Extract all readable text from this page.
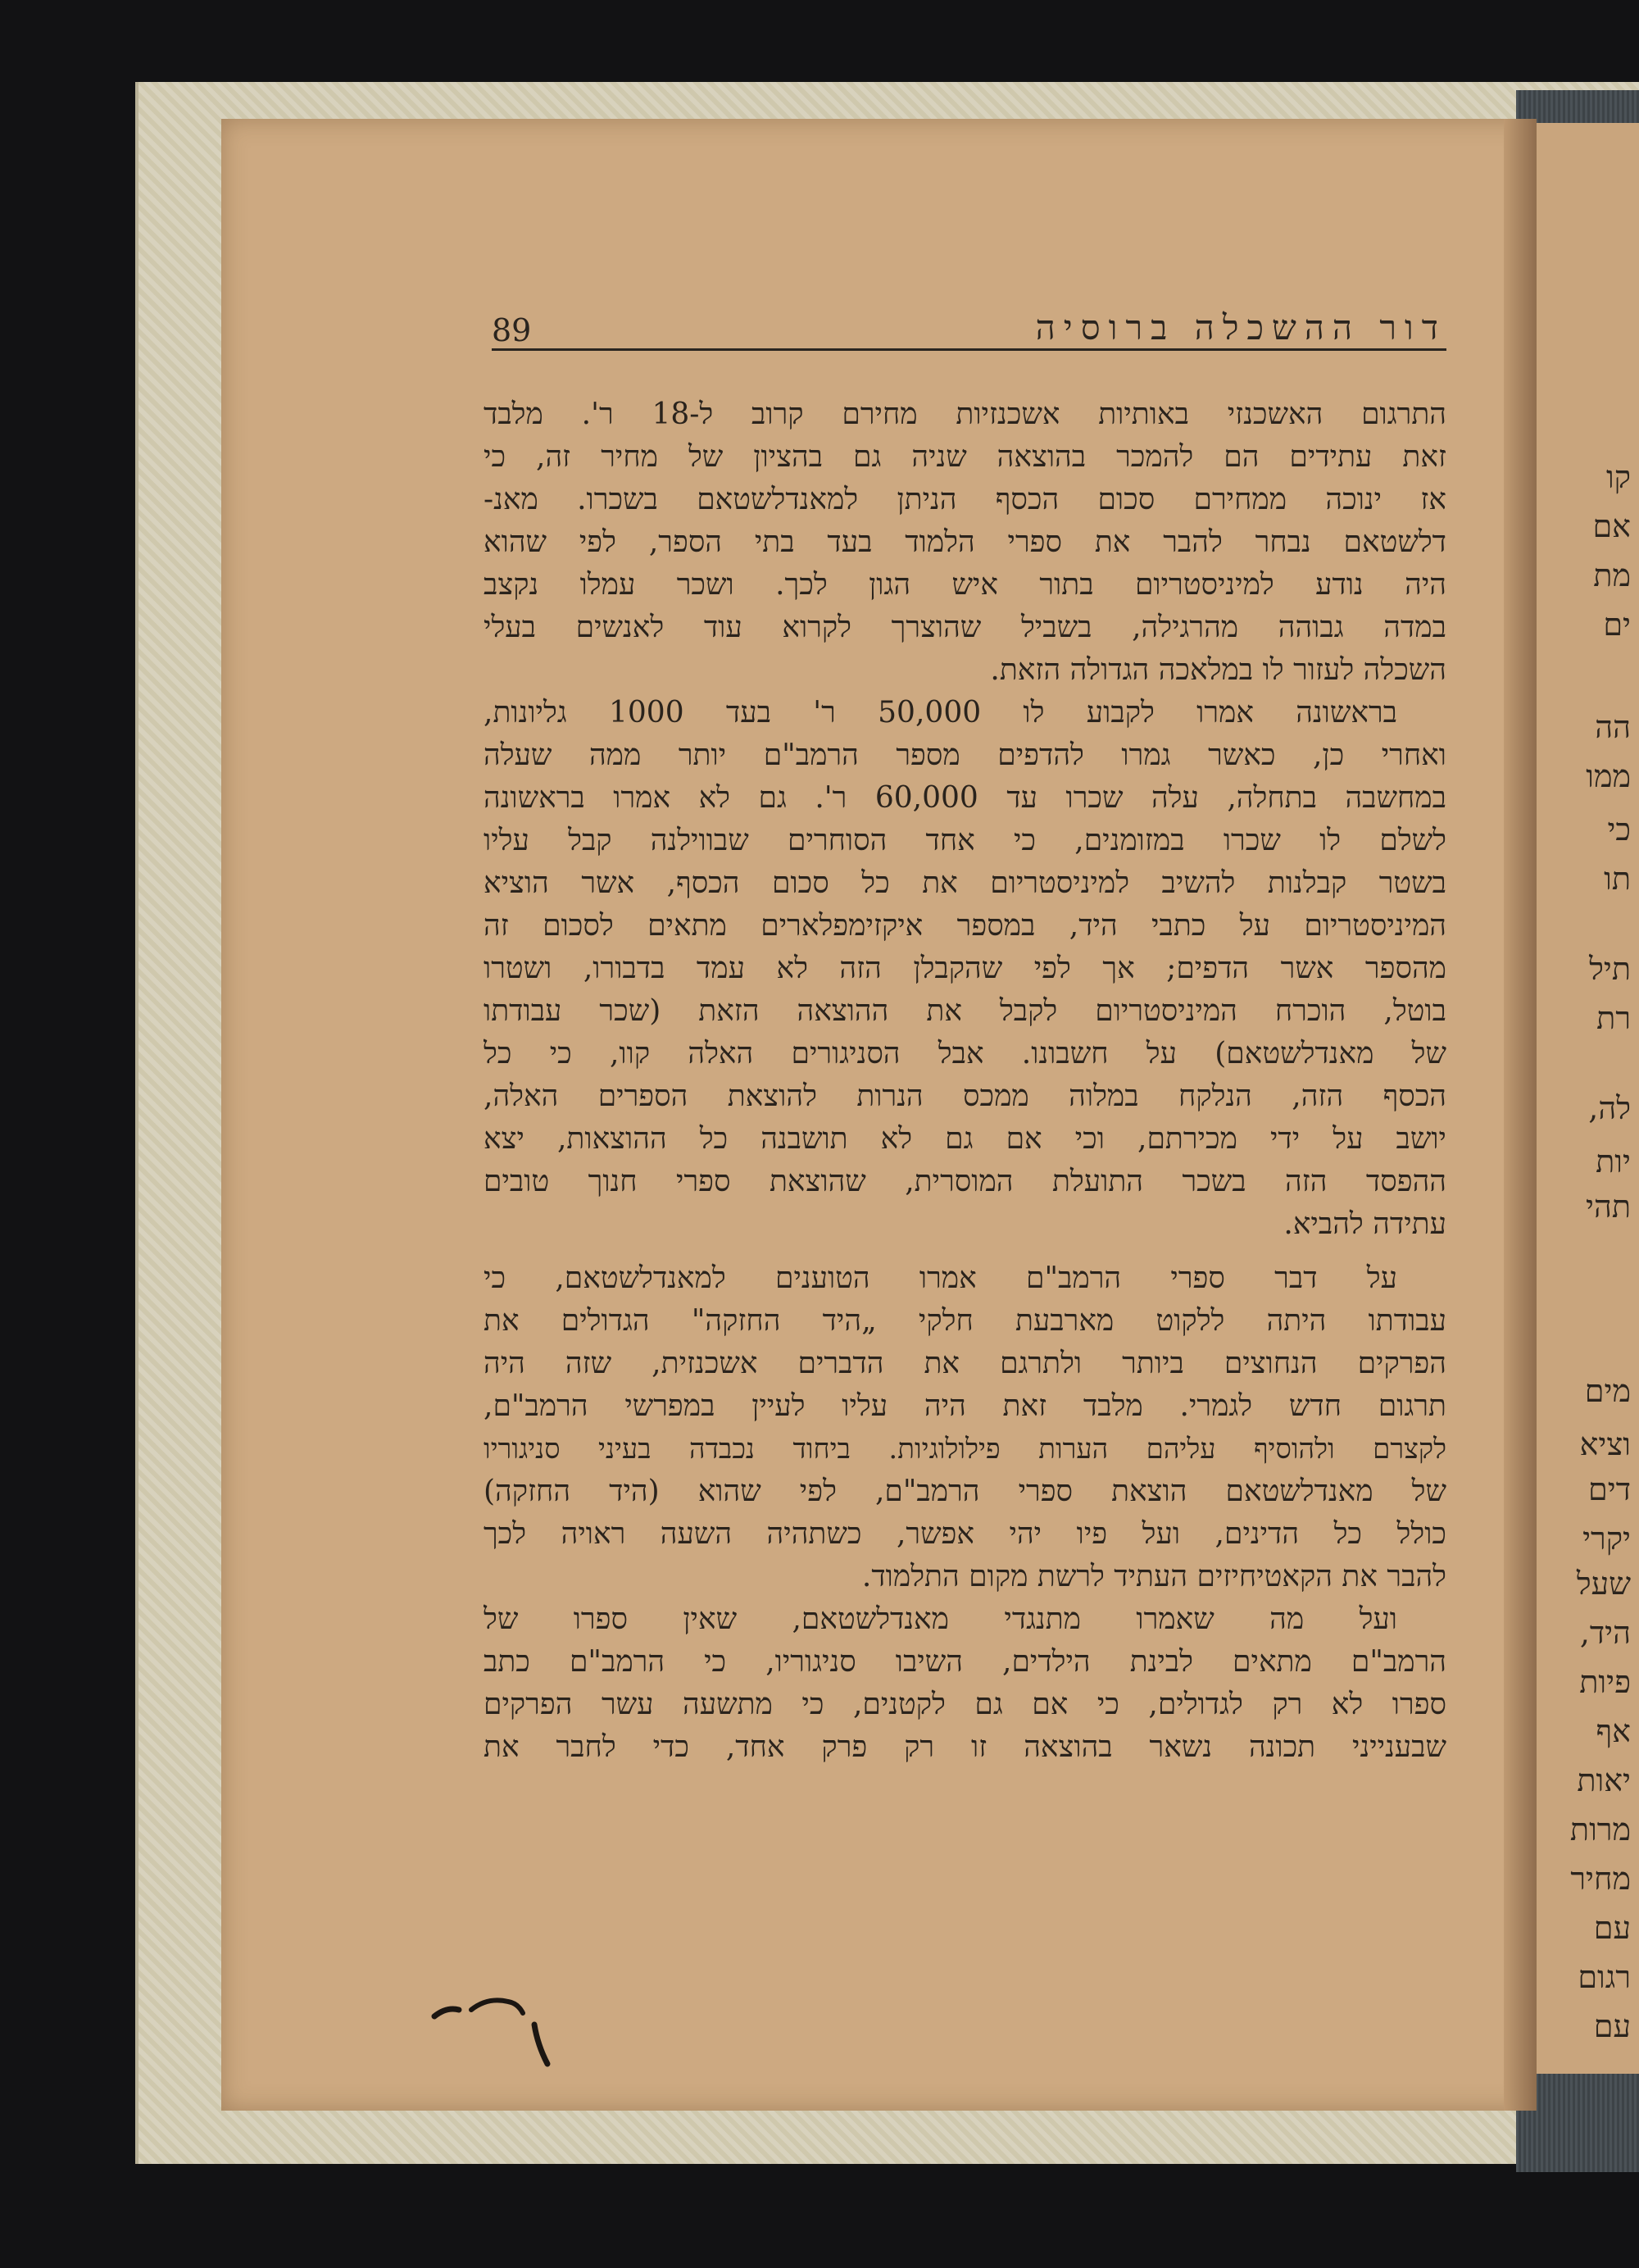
קו
אם
מת
ים
הה
ממו
כי
תו
תיל
רת
לה,
יות
תהי
מים
וציא
דים
יקרי
שעל
היד,
פיות
אף
יאות
מרות
מחיר
עם
רגום
עם
89	דור ההשכלה ברוסיה
התרגום האשכנזי באותיות אשכנזיות מחירם קרוב ל-18 ר'. מלבד
זאת עתידים הם להמכר בהוצאה שניה גם בהציון של מחיר זה, כי
אז ינוכה ממחירם סכום הכסף הניתן למאנדלשטאם בשכרו. מאנ-
דלשטאם נבחר להבר את ספרי הלמוד בעד בתי הספר, לפי שהוא
היה נודע למיניסטריום בתור איש הגון לכך. ושכר עמלו נקצב
במדה גבוהה מהרגילה, בשביל שהוצרך לקרוא עוד לאנשים בעלי
השכלה לעזור לו במלאכה הגדולה הזאת.
בראשונה אמרו לקבוע לו 50,000 ר' בעד 1000 גליונות,
ואחרי כן, כאשר גמרו להדפים מספר הרמב"ם יותר ממה שעלה
במחשבה בתחלה, עלה שכרו עד 60,000 ר'. גם לא אמרו בראשונה
לשלם לו שכרו במזומנים, כי אחד הסוחרים שבווילנה קבל עליו
בשטר קבלנות להשיב למיניסטריום את כל סכום הכסף, אשר הוציא
המיניסטריום על כתבי היד, במספר איקזימפלארים מתאים לסכום זה
מהספר אשר הדפים; אך לפי שהקבלן הזה לא עמד בדבורו, ושטרו
בוטל, הוכרח המיניסטריום לקבל את ההוצאה הזאת (שכר עבודתו
של מאנדלשטאם) על חשבונו. אבל הסניגורים האלה קוו, כי כל
הכסף הזה, הנלקח במלוה ממכס הנרות להוצאת הספרים האלה,
יושב על ידי מכירתם, וכי אם גם לא תושבנה כל ההוצאות, יצא
ההפסד הזה בשכר התועלת המוסרית, שהוצאת ספרי חנוך טובים
עתידה להביא.
על דבר ספרי הרמב"ם אמרו הטוענים למאנדלשטאם, כי
עבודתו היתה ללקוט מארבעת חלקי „היד החזקה" הגדולים את
הפרקים הנחוצים ביותר ולתרגם את הדברים אשכנזית, שזה היה
תרגום חדש לגמרי. מלבד זאת היה עליו לעיין במפרשי הרמב"ם,
לקצרם ולהוסיף עליהם הערות פילולוגיות. ביחוד נכבדה בעיני סניגוריו
של מאנדלשטאם הוצאת ספרי הרמב"ם, לפי שהוא (היד החזקה)
כולל כל הדינים, ועל פיו יהי אפשר, כשתהיה השעה ראויה לכך
להבר את הקאטיחיזים העתיד לרשת מקום התלמוד.
ועל מה שאמרו מתנגדי מאנדלשטאם, שאין ספרו של
הרמב"ם מתאים לבינת הילדים, השיבו סניגוריו, כי הרמב"ם כתב
ספרו לא רק לגדולים, כי אם גם לקטנים, כי מתשעה עשר הפרקים
שבענייני תכונה נשאר בהוצאה זו רק פרק אחד, כדי לחבר את
